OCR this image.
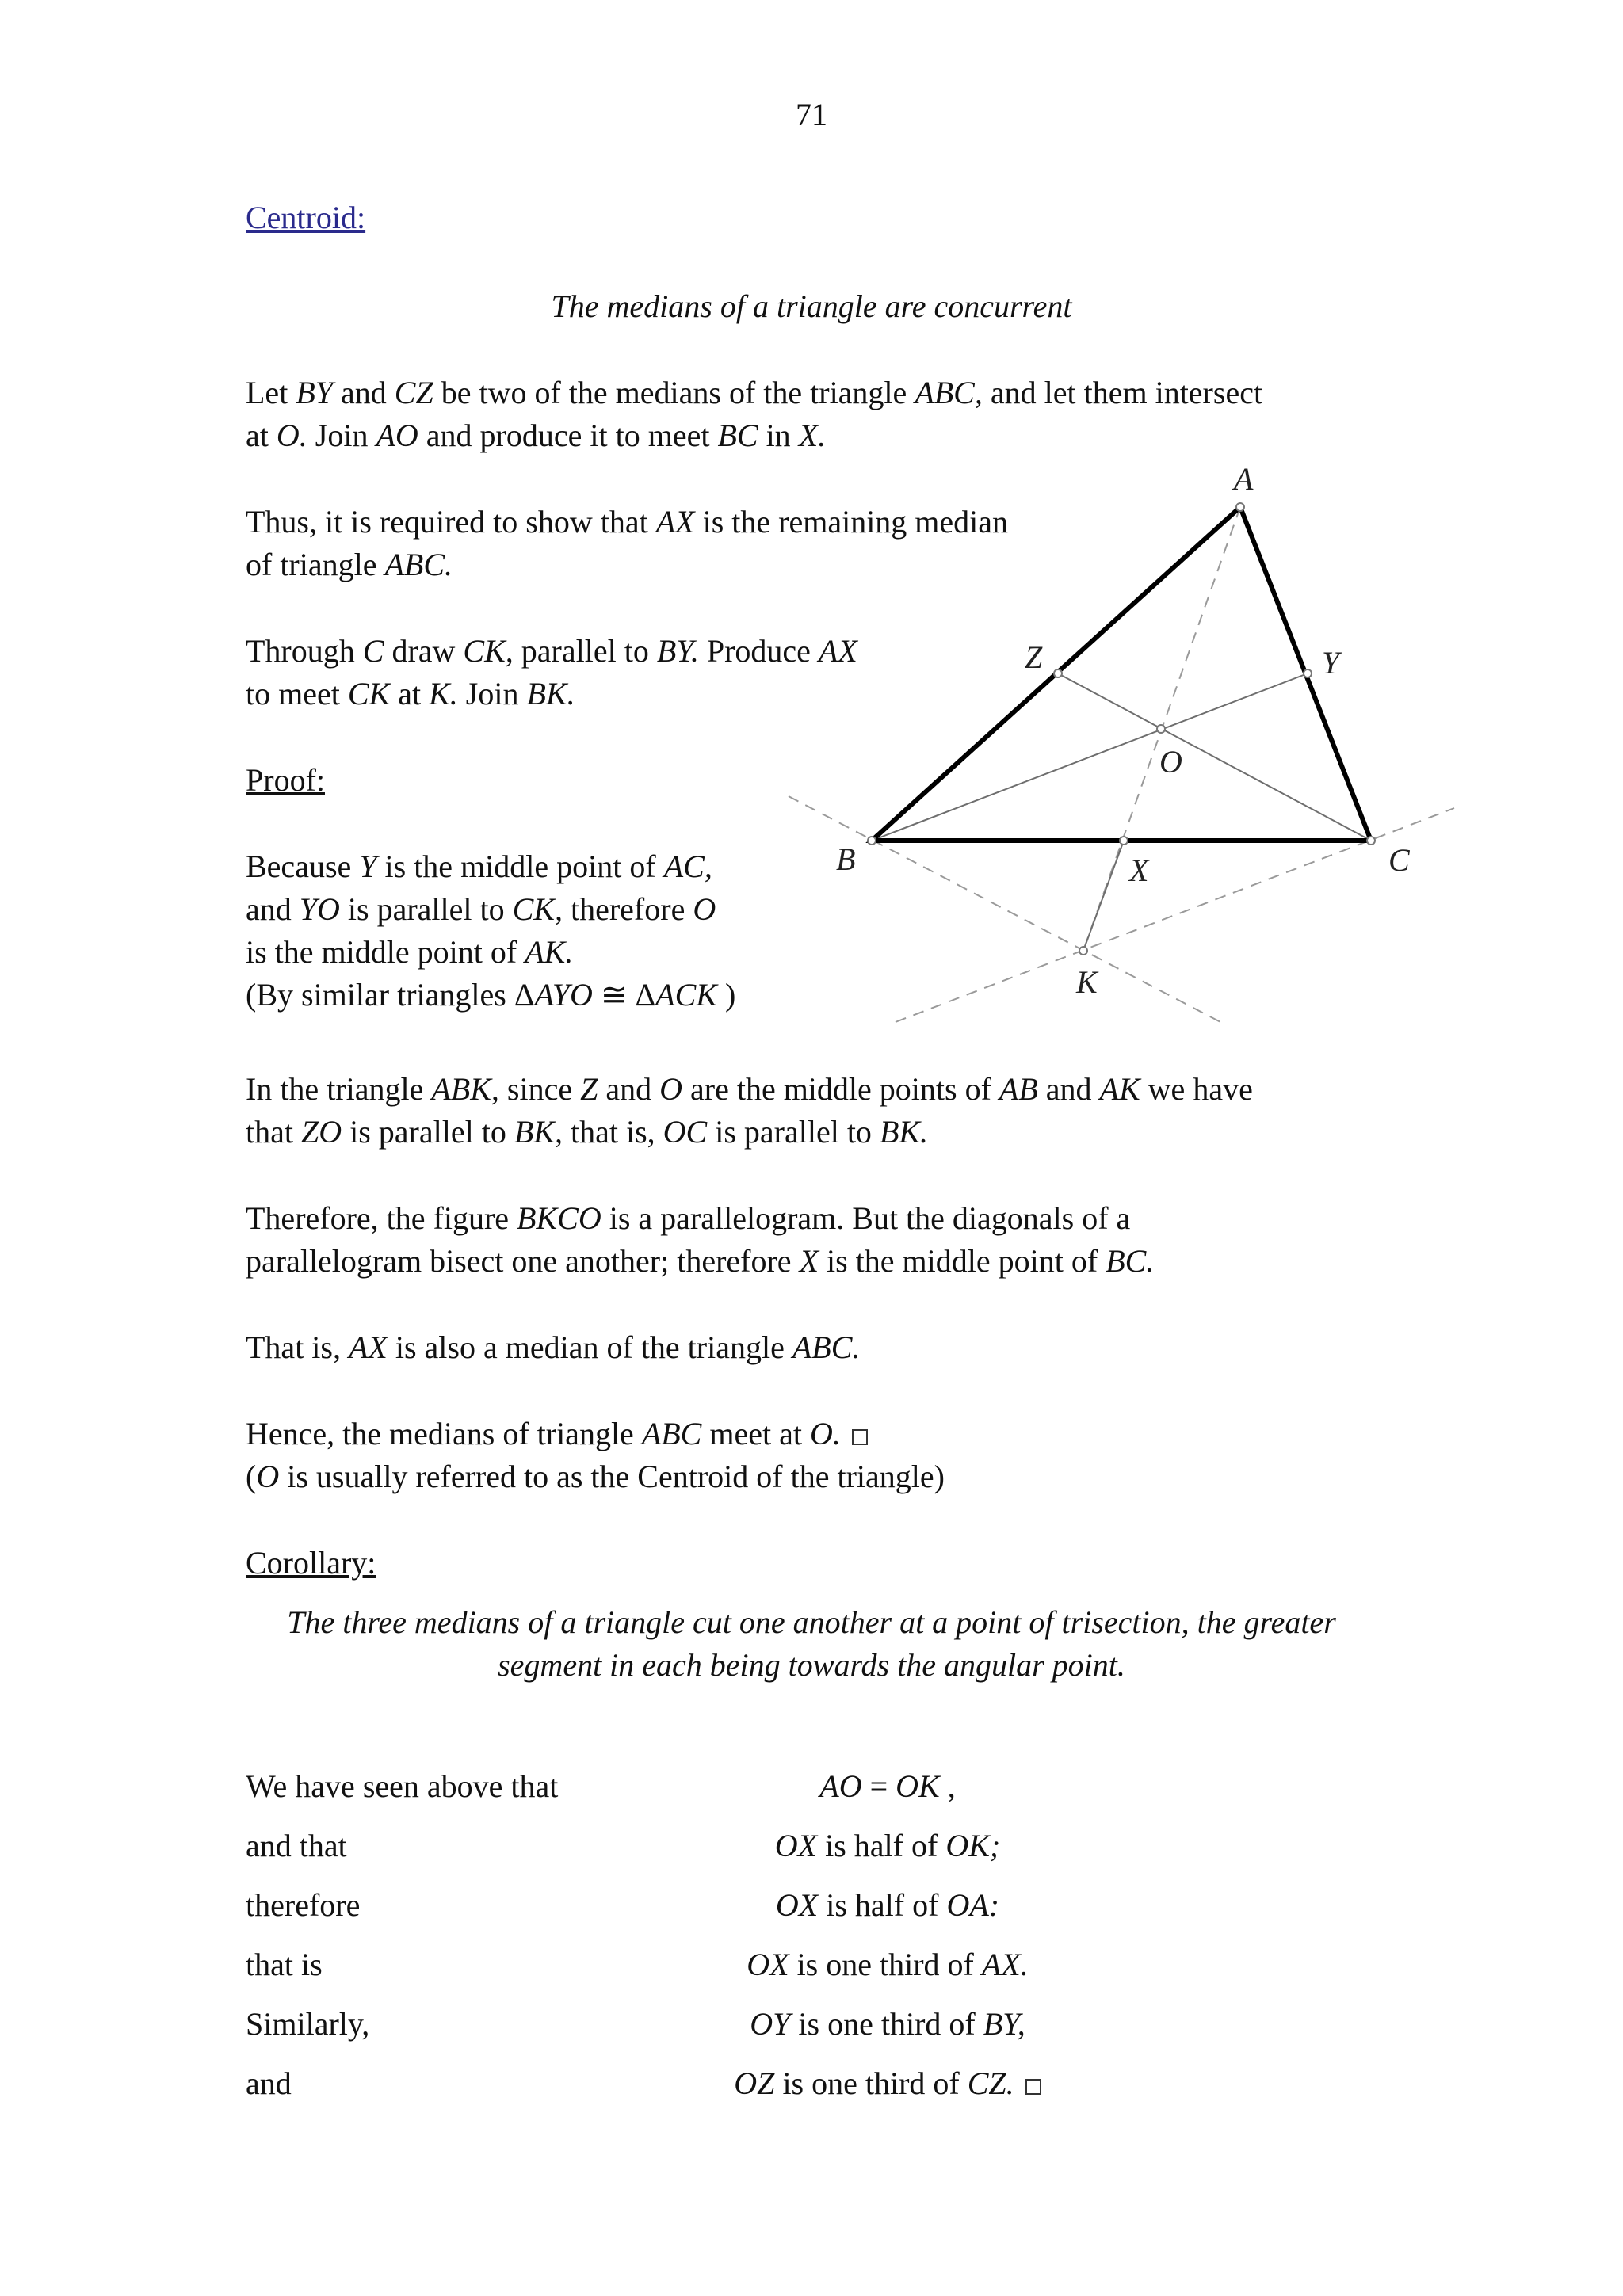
71
Centroid:
The medians of a triangle are concurrent
Let BY and CZ be two of the medians of the triangle ABC, and let them intersect
at O. Join AO and produce it to meet BC in X.
Thus, it is required to show that AX is the remaining median
of triangle ABC.
Through C draw CK, parallel to BY. Produce AX
to meet CK at K. Join BK.
Proof:
Because Y is the middle point of AC,
and YO is parallel to CK, therefore O
is the middle point of AK.
(By similar triangles ΔAYO ≅ ΔACK )
In the triangle ABK, since Z and O are the middle points of AB and AK we have
that ZO is parallel to BK, that is, OC is parallel to BK.
Therefore, the figure BKCO is a parallelogram. But the diagonals of a
parallelogram bisect one another; therefore X is the middle point of BC.
That is, AX is also a median of the triangle ABC.
Hence, the medians of triangle ABC meet at O.
(O is usually referred to as the Centroid of the triangle)
Corollary:
The three medians of a triangle cut one another at a point of trisection, the greater
segment in each being towards the angular point.
We have seen above that	AO = OK ,
and that	OX is half of OK;
therefore	OX is half of OA:
that is	OX is one third of AX.
Similarly,	OY is one third of BY,
and	OZ is one third of CZ.
A
B	C
X
Y
Z
O
K
